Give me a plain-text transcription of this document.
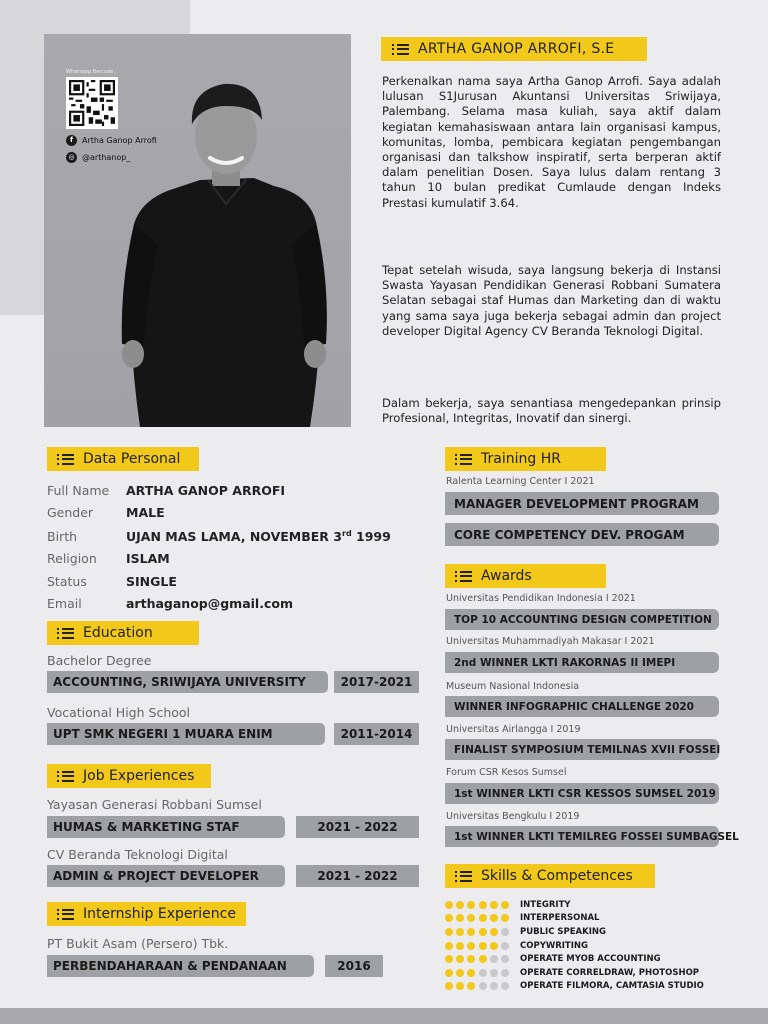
Whatsapp Barcode :
f	Artha Ganop Arrofi
◎ @arthanop_
ARTHA GANOP ARROFI, S.E
Perkenalkan nama saya Artha Ganop Arrofi. Saya adalah lulusan S1Jurusan Akuntansi Universitas Sriwijaya, Palembang. Selama masa kuliah, saya aktif dalam kegiatan kemahasiswaan antara lain organisasi kampus, komunitas, lomba, pembicara kegiatan pengembangan organisasi dan talkshow inspiratif, serta berperan aktif dalam penelitian Dosen. Saya lulus dalam rentang 3 tahun 10 bulan predikat Cumlaude dengan Indeks Prestasi kumulatif 3.64.
Tepat setelah wisuda, saya langsung bekerja di Instansi Swasta Yayasan Pendidikan Generasi Robbani Sumatera Selatan sebagai staf Humas dan Marketing dan di waktu yang sama saya juga bekerja sebagai admin dan project developer Digital Agency CV Beranda Teknologi Digital.
Dalam bekerja, saya senantiasa mengedepankan prinsip Profesional, Integritas, Inovatif dan sinergi.
Data Personal
Full Name	ARTHA GANOP ARROFI
Gender	MALE
Birth	UJAN MAS LAMA, NOVEMBER 3rd 1999
Religion	ISLAM
Status	SINGLE
Email	arthaganop@gmail.com
Education
Bachelor Degree
ACCOUNTING, SRIWIJAYA UNIVERSITY	2017-2021
Vocational High School
UPT SMK NEGERI 1 MUARA ENIM	2011-2014
Job Experiences
Yayasan Generasi Robbani Sumsel
HUMAS & MARKETING STAF	2021 - 2022
CV Beranda Teknologi Digital
ADMIN & PROJECT DEVELOPER	2021 - 2022
Internship Experience
PT Bukit Asam (Persero) Tbk.
PERBENDAHARAAN & PENDANAAN	2016
Training HR
Ralenta Learning Center I 2021
MANAGER DEVELOPMENT PROGRAM
CORE COMPETENCY DEV. PROGAM
Awards
Universitas Pendidikan Indonesia I 2021
TOP 10 ACCOUNTING DESIGN COMPETITION
Universitas Muhammadiyah Makasar I 2021
2nd WINNER LKTI RAKORNAS II IMEPI
Museum Nasional Indonesia
WINNER INFOGRAPHIC CHALLENGE 2020
Universitas Airlangga I 2019
FINALIST SYMPOSIUM TEMILNAS XVII FOSSEI
Forum CSR Kesos Sumsel
1st WINNER LKTI CSR KESSOS SUMSEL 2019
Universitas Bengkulu I 2019
1st WINNER LKTI TEMILREG FOSSEI SUMBAGSEL
Skills & Competences
INTEGRITY
INTERPERSONAL
PUBLIC SPEAKING
COPYWRITING
OPERATE MYOB ACCOUNTING
OPERATE CORRELDRAW, PHOTOSHOP
OPERATE FILMORA, CAMTASIA STUDIO
